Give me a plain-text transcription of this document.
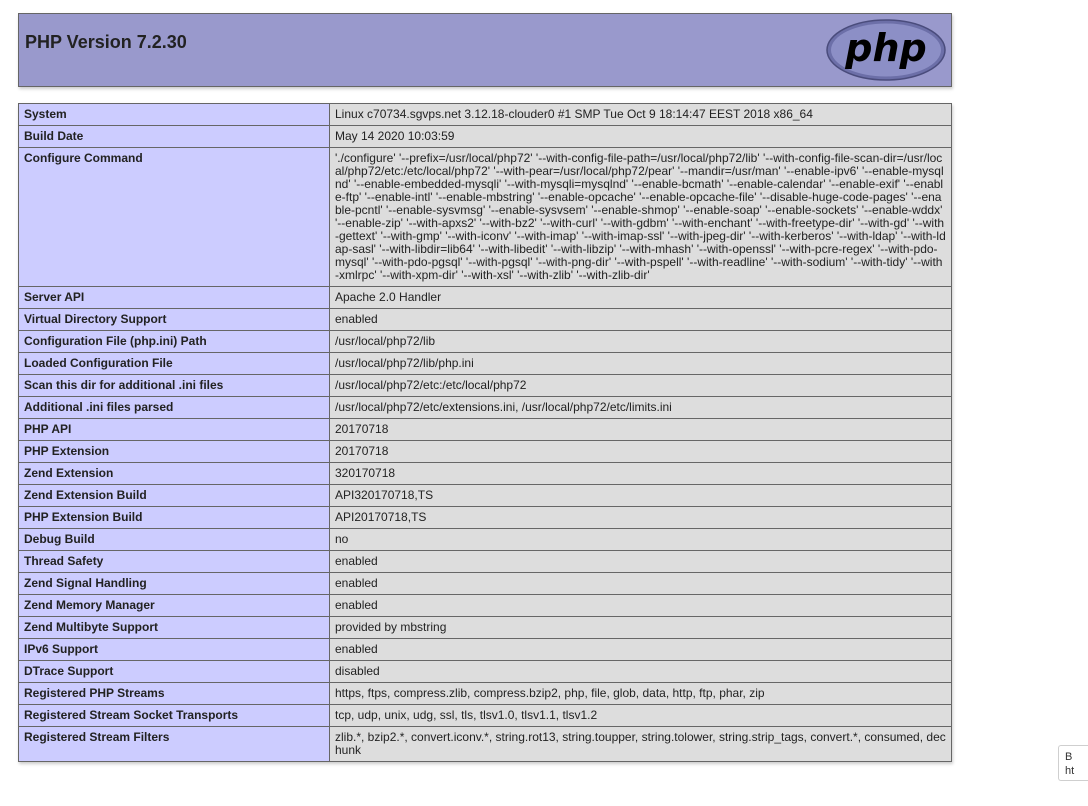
PHP Version 7.2.30	php
System	Linux c70734.sgvps.net 3.12.18-clouder0 #1 SMP Tue Oct 9 18:14:47 EEST 2018 x86_64
Build Date	May 14 2020 10:03:59
Configure Command	'./configure' '--prefix=/usr/local/php72' '--with-config-file-path=/usr/local/php72/lib' '--with-config-file-scan-dir=/usr/local/php72/etc:/etc/local/php72' '--with-pear=/usr/local/php72/pear' '--mandir=/usr/man' '--enable-ipv6' '--enable-mysqlnd' '--enable-embedded-mysqli' '--with-mysqli=mysqlnd' '--enable-bcmath' '--enable-calendar' '--enable-exif' '--enable-ftp' '--enable-intl' '--enable-mbstring' '--enable-opcache' '--enable-opcache-file' '--disable-huge-code-pages' '--enable-pcntl' '--enable-sysvmsg' '--enable-sysvsem' '--enable-shmop' '--enable-soap' '--enable-sockets' '--enable-wddx' '--enable-zip' '--with-apxs2' '--with-bz2' '--with-curl' '--with-gdbm' '--with-enchant' '--with-freetype-dir' '--with-gd' '--with-gettext' '--with-gmp' '--with-iconv' '--with-imap' '--with-imap-ssl' '--with-jpeg-dir' '--with-kerberos' '--with-ldap' '--with-ldap-sasl' '--with-libdir=lib64' '--with-libedit' '--with-libzip' '--with-mhash' '--with-openssl' '--with-pcre-regex' '--with-pdo-mysql' '--with-pdo-pgsql' '--with-pgsql' '--with-png-dir' '--with-pspell' '--with-readline' '--with-sodium' '--with-tidy' '--with-xmlrpc' '--with-xpm-dir' '--with-xsl' '--with-zlib' '--with-zlib-dir'
Server API	Apache 2.0 Handler
Virtual Directory Support	enabled
Configuration File (php.ini) Path	/usr/local/php72/lib
Loaded Configuration File	/usr/local/php72/lib/php.ini
Scan this dir for additional .ini files	/usr/local/php72/etc:/etc/local/php72
Additional .ini files parsed	/usr/local/php72/etc/extensions.ini, /usr/local/php72/etc/limits.ini
PHP API	20170718
PHP Extension	20170718
Zend Extension	320170718
Zend Extension Build	API320170718,TS
PHP Extension Build	API20170718,TS
Debug Build	no
Thread Safety	enabled
Zend Signal Handling	enabled
Zend Memory Manager	enabled
Zend Multibyte Support	provided by mbstring
IPv6 Support	enabled
DTrace Support	disabled
Registered PHP Streams	https, ftps, compress.zlib, compress.bzip2, php, file, glob, data, http, ftp, phar, zip
Registered Stream Socket Transports	tcp, udp, unix, udg, ssl, tls, tlsv1.0, tlsv1.1, tlsv1.2
Registered Stream Filters	zlib.*, bzip2.*, convert.iconv.*, string.rot13, string.toupper, string.tolower, string.strip_tags, convert.*, consumed, dechunk	B
ht
